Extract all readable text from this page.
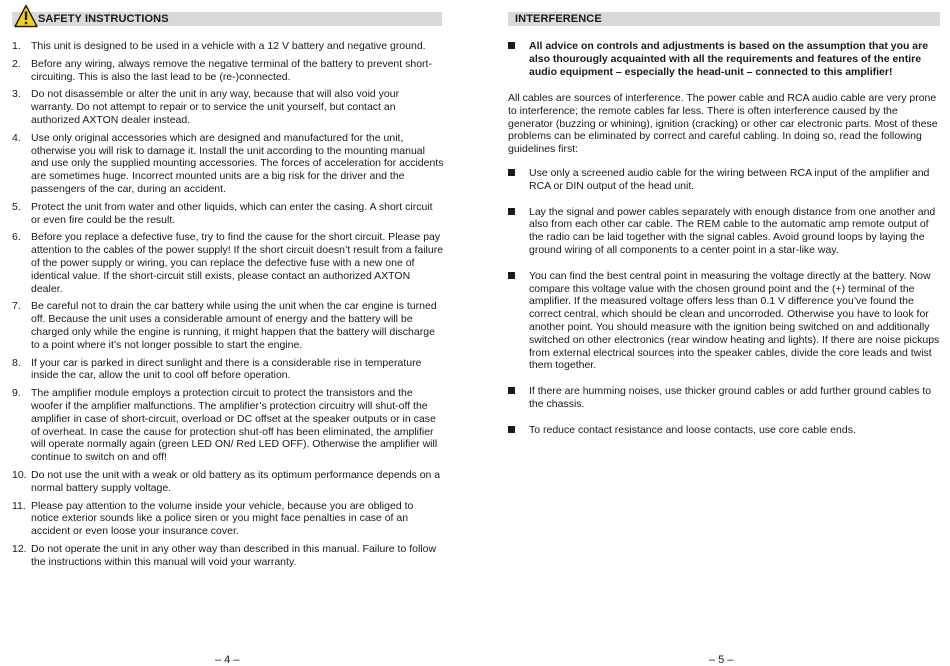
SAFETY INSTRUCTIONS
1. This unit is designed to be used in a vehicle with a 12 V battery and negative ground.
2. Before any wiring, always remove the negative terminal of the battery to prevent short-circuiting. This is also the last lead to be (re-)connected.
3. Do not disassemble or alter the unit in any way, because that will also void your warranty. Do not attempt to repair or to service the unit yourself, but contact an authorized AXTON dealer instead.
4. Use only original accessories which are designed and manufactured for the unit, otherwise you will risk to damage it. Install the unit according to the mounting manual and use only the supplied mounting accessories. The forces of acceleration for accidents are sometimes huge. Incorrect mounted units are a big risk for the driver and the passengers of the car, during an accident.
5. Protect the unit from water and other liquids, which can enter the casing. A short circuit or even fire could be the result.
6. Before you replace a defective fuse, try to find the cause for the short circuit. Please pay attention to the cables of the power supply! If the short circuit doesn’t result from a failure of the power supply or wiring, you can replace the defective fuse with a new one of identical value. If the short-circuit still exists, please contact an authorized AXTON dealer.
7. Be careful not to drain the car battery while using the unit when the car engine is turned off. Because the unit uses a considerable amount of energy and the battery will be charged only while the engine is running, it might happen that the battery will discharge to a point where it’s not longer possible to start the engine.
8. If your car is parked in direct sunlight and there is a considerable rise in temperature inside the car, allow the unit to cool off before operation.
9. The amplifier module employs a protection circuit to protect the transistors and the woofer if the amplifier malfunctions. The amplifier’s protection circuitry will shut-off the amplifier in case of short-circuit, overload or DC offset at the speaker outputs or in case of overheat. In case the cause for protection shut-off has been eliminated, the amplifier will operate normally again (green LED ON/ Red LED OFF). Otherwise the amplifier will continue to switch on and off!
10. Do not use the unit with a weak or old battery as its optimum performance depends on a normal battery supply voltage.
11. Please pay attention to the volume inside your vehicle, because you are obliged to notice exterior sounds like a police siren or you might face penalties in case of an accident or even loose your insurance cover.
12. Do not operate the unit in any other way than described in this manual. Failure to follow the instructions within this manual will void your warranty.
– 4 –
INTERFERENCE
All advice on controls and adjustments is based on the assumption that you are also thourougly acquainted with all the requirements and features of the entire audio equipment – especially the head-unit – connected to this amplifier!
All cables are sources of interference. The power cable and RCA audio cable are very prone to interference; the remote cables far less. There is often interference caused by the generator (buzzing or whining), ignition (cracking) or other car electronic parts. Most of these problems can be eliminated by correct and careful cabling. In doing so, read the following guidelines first:
Use only a screened audio cable for the wiring between RCA input of the amplifier and RCA or DIN output of the head unit.
Lay the signal and power cables separately with enough distance from one another and also from each other car cable. The REM cable to the automatic amp remote output of the radio can be laid together with the signal cables. Avoid ground loops by laying the ground wiring of all components to a center point in a star-like way.
You can find the best central point in measuring the voltage directly at the battery. Now compare this voltage value with the chosen ground point and the (+) terminal of the amplifier. If the measured voltage offers less than 0.1 V difference you’ve found the correct central, which should be clean and uncorroded. Otherwise you have to look for another point. You should measure with the ignition being switched on and additionally switched on other electronics (rear window heating and lights). If there are noise pickups from external electrical sources into the speaker cables, divide the core leads and twist them together.
If there are humming noises, use thicker ground cables or add further ground cables to the chassis.
To reduce contact resistance and loose contacts, use core cable ends.
– 5 –
